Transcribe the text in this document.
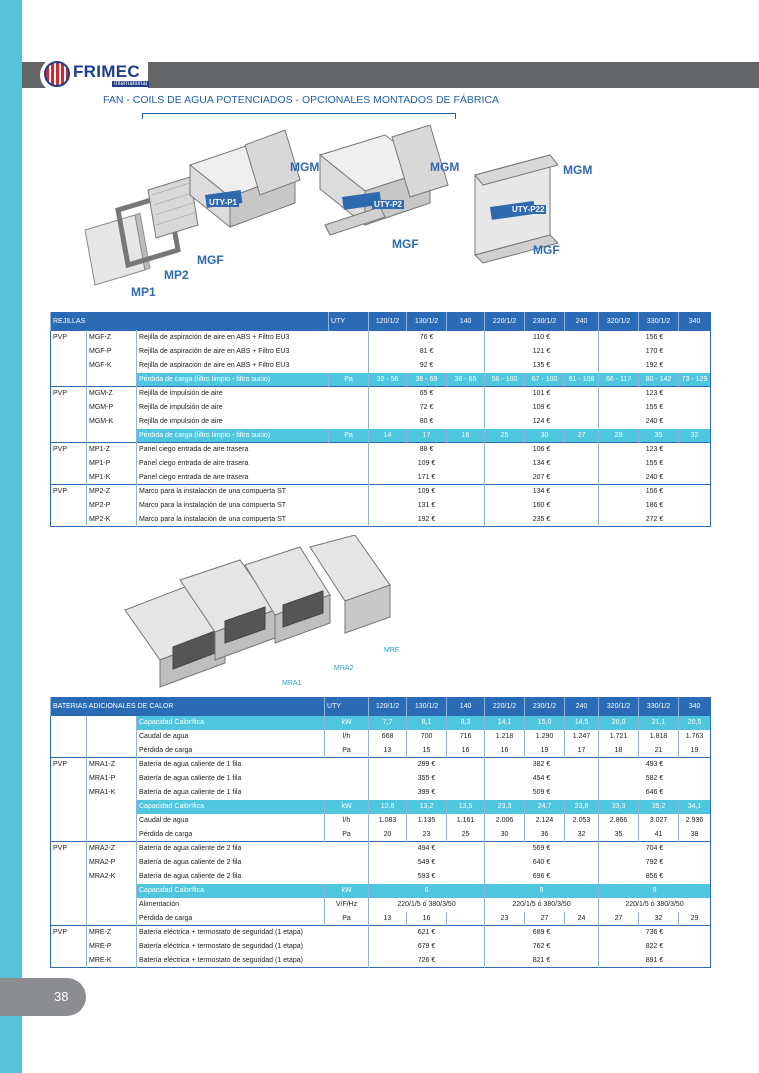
FRIMEC
International
FAN - COILS DE AGUA POTENCIADOS - OPCIONALES MONTADOS DE FÁBRICA
MGM	MGM	MGM
UTY-P1	UTY-P2
UTY-P22
MGF
MGF	MGF
MP2
MP1
REJILLAS			UTY	120/1/2	130/1/2	140	220/1/2	230/1/2	240	320/1/2	330/1/2	340
PVP	MGF-Z	Rejilla de aspiración de aire en ABS + Filtro EU3		76 €			110 €			156 €		
	MGF-P	Rejilla de aspiración de aire en ABS + Filtro EU3		81 €			121 €			170 €		
	MGF-K	Rejilla de aspiración de aire en ABS + Filtro EU3		92 €			135 €			192 €		
		Pérdida de carga (filtro limpio - filtro sucio)	Pa	32 - 56	36 - 69	36 - 65	56 - 100	67 - 100	61 - 108	66 - 117	80 - 142	73 - 129
PVP	MGM-Z	Rejilla de impulsión de aire		65 €			101 €			123 €		
	MGM-P	Rejilla de impulsión de aire		72 €			109 €			155 €		
	MGM-K	Rejilla de impulsión de aire		80 €			124 €			240 €		
		Pérdida de carga (filtro limpio - filtro sucio)	Pa	14	17	16	25	30	27	29	35	32
PVP	MP1-Z	Panel ciego entrada de aire trasera		88 €			106 €			123 €		
	MP1-P	Panel ciego entrada de aire trasera		109 €			134 €			155 €		
	MP1-K	Panel ciego entrada de aire trasera		171 €			207 €			240 €		
PVP	MP2-Z	Marco para la instalación de una compuerta ST		109 €			134 €			156 €		
	MP2-P	Marco para la instalación de una compuerta ST		131 €			160 €			186 €		
	MP2-K	Marco para la instalación de una compuerta ST		192 €			235 €			272 €		
MRE
MRA2
MRA1
BATERIAS ADICIONALES DE CALOR			UTY	120/1/2	130/1/2	140	220/1/2	230/1/2	240	320/1/2	330/1/2	340
		Capacidad Calorífica	kW	7,7	8,1	8,3	14,1	15,0	14,5	20,0	21,1	20,5
		Caudal de agua	l/h	668	700	716	1.218	1.290	1.247	1.721	1.818	1.763
		Pérdida de carga	Pa	13	15	16	16	19	17	18	21	19
PVP	MRA1-Z	Batería de agua caliente de 1 fila		299 €			382 €			493 €		
	MRA1-P	Batería de agua caliente de 1 fila		355 €			454 €			582 €		
	MRA1-K	Batería de agua caliente de 1 fila		399 €			509 €			646 €		
		Capacidad Calorífica	kW	12,6	13,2	13,5	23,3	24,7	23,8	33,3	35,2	34,1
		Caudal de agua	l/h	1.083	1.135	1.161	2.006	2.124	2.053	2.866	3.027	2.936
		Pérdida de carga	Pa	20	23	25	30	36	32	35	41	38
PVP	MRA2-Z	Batería de agua caliente de 2 fila		494 €			569 €			704 €		
	MRA2-P	Batería de agua caliente de 2 fila		549 €			640 €			792 €		
	MRA2-K	Batería de agua caliente de 2 fila		593 €			696 €			856 €		
		Capacidad Calorífica	kW	6			9			9		
		Alimentación	V/F/Hz	220/1/5 ó 380/3/50			220/1/5 ó 380/3/50			220/1/5 ó 380/3/50		
		Pérdida de carga	Pa	13	16		23	27	24	27	32	29
PVP	MRE-Z	Batería eléctrica + termostato de seguridad (1 etapa)		621 €			689 €			736 €		
	MRE-P	Batería eléctrica + termostato de seguridad (1 etapa)		679 €			762 €			822 €		
	MRE-K	Batería eléctrica + termostato de seguridad (1 etapa)		726 €			821 €			891 €		
38
